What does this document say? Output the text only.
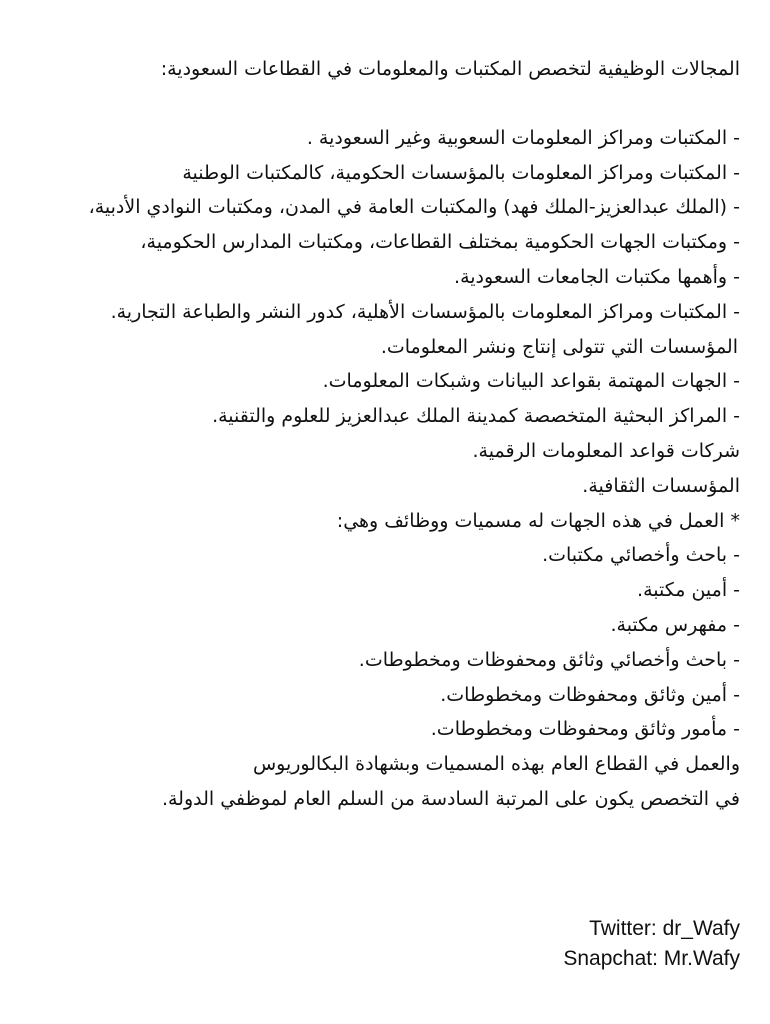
المجالات الوظيفية لتخصص المكتبات والمعلومات في القطاعات السعودية:
- المكتبات ومراكز المعلومات السعوبية وغير السعودية .
- المكتبات ومراكز المعلومات بالمؤسسات الحكومية، كالمكتبات الوطنية
- (الملك عبدالعزيز-الملك فهد) والمكتبات العامة في المدن، ومكتبات النوادي الأدبية،
- ومكتبات الجهات الحكومية بمختلف القطاعات، ومكتبات المدارس الحكومية،
- وأهمها مكتبات الجامعات السعودية.
- المكتبات ومراكز المعلومات بالمؤسسات الأهلية، كدور النشر والطباعة التجارية.
المؤسسات التي تتولى إنتاج ونشر المعلومات.
- الجهات المهتمة بقواعد البيانات وشبكات المعلومات.
- المراكز البحثية المتخصصة كمدينة الملك عبدالعزيز للعلوم والتقنية.
شركات قواعد المعلومات الرقمية.
المؤسسات الثقافية.
* العمل في هذه الجهات له مسميات ووظائف وهي:
- باحث وأخصائي مكتبات.
- أمين مكتبة.
- مفهرس مكتبة.
- باحث وأخصائي وثائق ومحفوظات ومخطوطات.
- أمين وثائق ومحفوظات ومخطوطات.
- مأمور وثائق ومحفوظات ومخطوطات.
والعمل في القطاع العام بهذه المسميات وبشهادة البكالوريوس
في التخصص يكون على المرتبة السادسة من السلم العام لموظفي الدولة.
Twitter: dr_Wafy
Snapchat: Mr.Wafy
